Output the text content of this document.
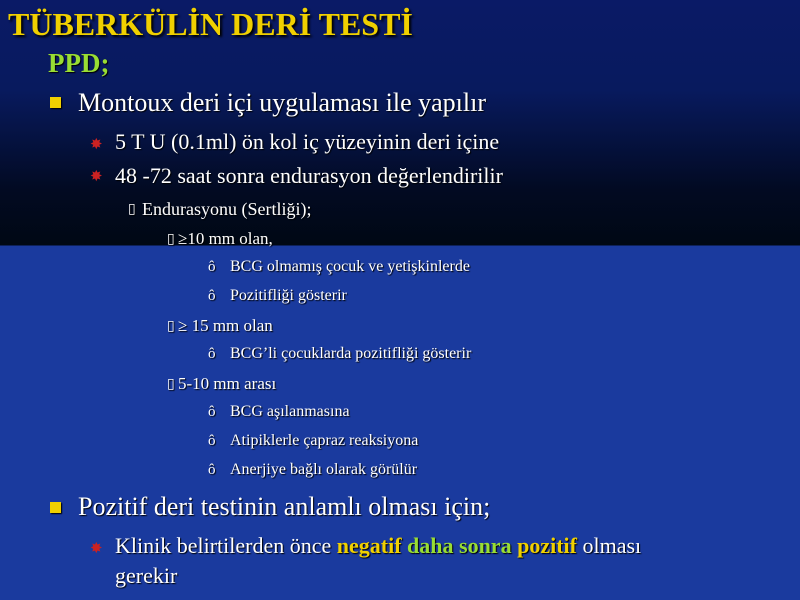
TÜBERKÜLİN DERİ TESTİ
PPD;
Montoux deri içi uygulaması ile yapılır
✸ 5 T U (0.1ml) ön kol iç yüzeyinin deri içine
✸ 48 -72 saat sonra endurasyon değerlendirilir
▯ Endurasyonu (Sertliği);
▯ ≥10 mm olan,
ô BCG olmamış çocuk ve yetişkinlerde
ô Pozitifliği gösterir
▯ ≥ 15 mm olan
ô BCG’li çocuklarda pozitifliği gösterir
▯ 5-10 mm arası
ô BCG aşılanmasına
ô Atipiklerle çapraz reaksiyona
ô Anerjiye bağlı olarak görülür
Pozitif deri testinin anlamlı olması için;
✸ Klinik belirtilerden önce negatif daha sonra pozitif olması
gerekir
